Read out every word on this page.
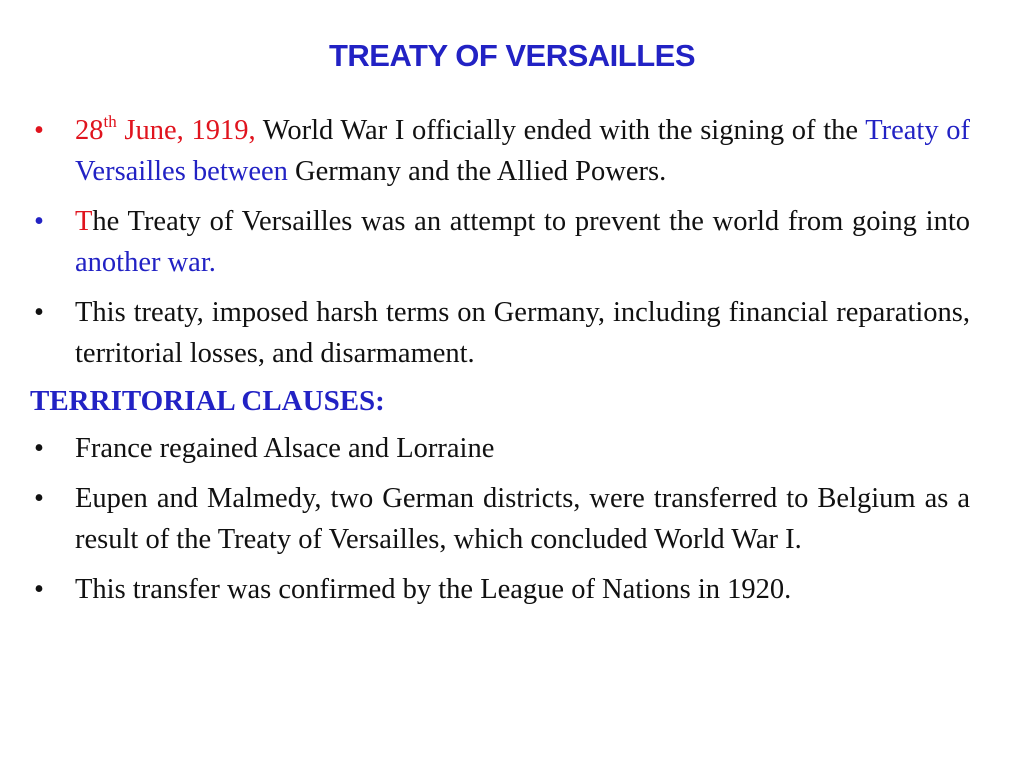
TREATY OF VERSAILLES
• 28th June, 1919, World War I officially ended with the signing of the Treaty of Versailles between Germany and the Allied Powers.
• The Treaty of Versailles was an attempt to prevent the world from going into another war.
• This treaty, imposed harsh terms on Germany, including financial reparations, territorial losses, and disarmament.
TERRITORIAL CLAUSES:
• France regained Alsace and Lorraine
• Eupen and Malmedy, two German districts, were transferred to Belgium as a result of the Treaty of Versailles, which concluded World War I.
• This transfer was confirmed by the League of Nations in 1920.
